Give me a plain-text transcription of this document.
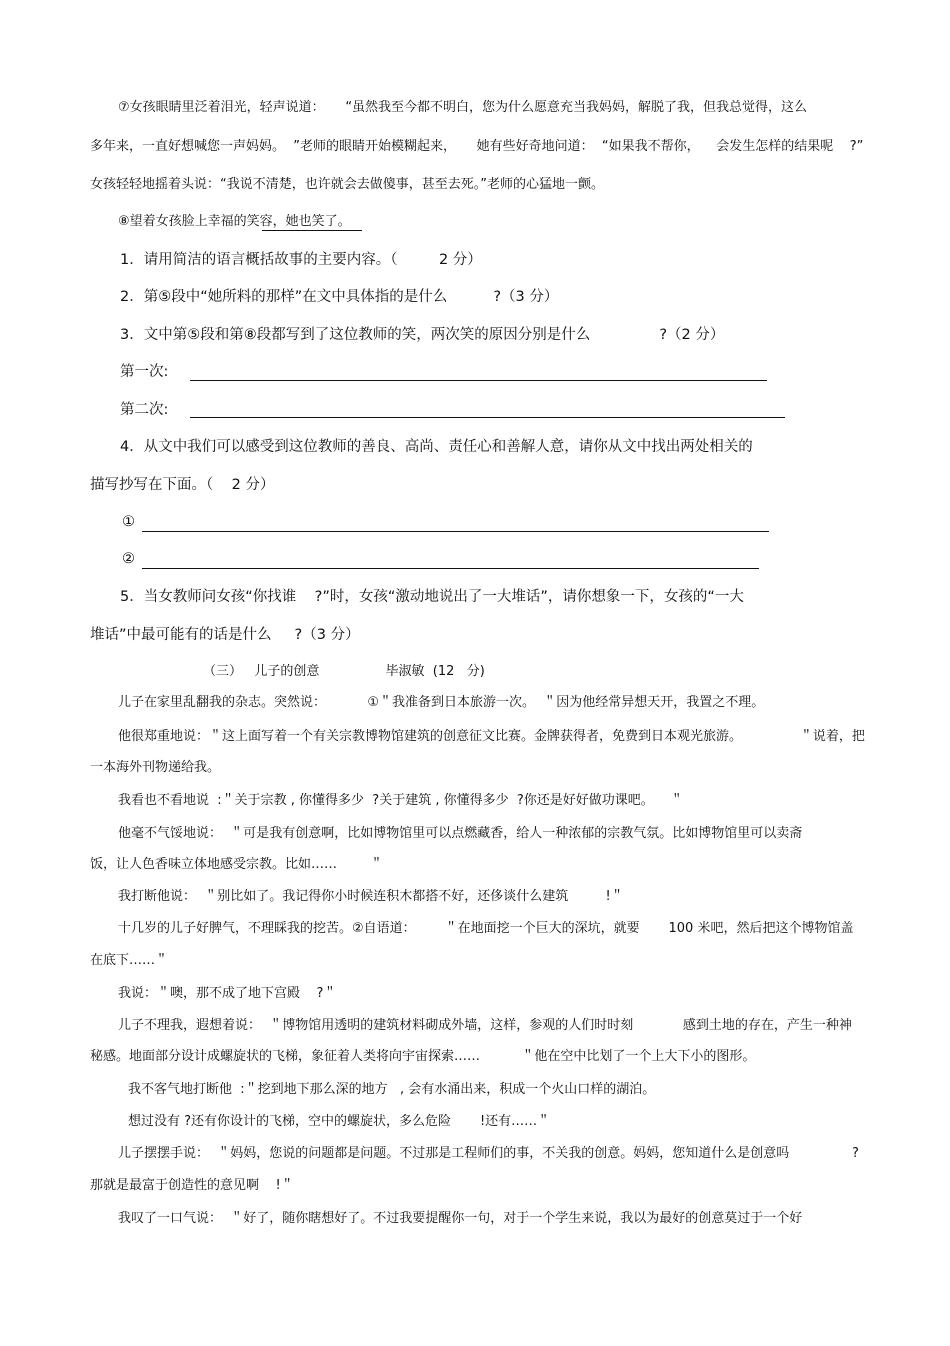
⑦女孩眼睛里泛着泪光，轻声说道：     “虽然我至今都不明白，您为什么愿意充当我妈妈，解脱了我，但我总觉得，这么
多年来，一直好想喊您一声妈妈。  ”老师的眼睛开始模糊起来，     她有些好奇地问道：  “如果我不帮你，    会发生怎样的结果呢    ?”
女孩轻轻地摇着头说：“我说不清楚，也许就会去做傻事，甚至去死。”老师的心猛地一颤。
⑧望着女孩脸上幸福的笑容，她也笑了。
1．请用简洁的语言概括故事的主要内容。（         2 分）
2．第⑤段中“她所料的那样”在文中具体指的是什么          ?（3 分）
3．文中第⑤段和第⑧段都写到了这位教师的笑，两次笑的原因分别是什么               ?（2 分）
第一次:
第二次:
4．从文中我们可以感受到这位教师的善良、高尚、责任心和善解人意，请你从文中找出两处相关的
描写抄写在下面。（    2 分）
①
②
5．当女教师问女孩“你找谁    ?”时，女孩“激动地说出了一大堆话”，请你想象一下，女孩的“一大
堆话”中最可能有的话是什么     ?（3 分）
（三）   儿子的创意                毕淑敏  (12   分)
儿子在家里乱翻我的杂志。突然说：          ①＂我准备到日本旅游一次。  ＂因为他经常异想天开，我置之不理。
他很郑重地说：＂这上面写着一个有关宗教博物馆建筑的创意征文比赛。金牌获得者，免费到日本观光旅游。              ＂说着，把
一本海外刊物递给我。
我看也不看地说  :＂关于宗教 , 你懂得多少  ?关于建筑 , 你懂得多少  ?你还是好好做功课吧。    ＂
他毫不气馁地说：  ＂可是我有创意啊，比如博物馆里可以点燃藏香，给人一种浓郁的宗教气氛。比如博物馆里可以卖斋
饭，让人色香味立体地感受宗教。比如……        ＂
我打断他说：  ＂别比如了。我记得你小时候连积木都搭不好，还侈谈什么建筑         !＂
十几岁的儿子好脾气，不理睬我的挖苦。②自语道：       ＂在地面挖一个巨大的深坑，就要       100 米吧，然后把这个博物馆盖
在底下……＂
我说：＂噢，那不成了地下宫殿    ?＂
儿子不理我，遐想着说：  ＂博物馆用透明的建筑材料砌成外墙，这样，参观的人们时时刻            感到土地的存在，产生一种神
秘感。地面部分设计成螺旋状的飞梯，象征着人类将向宇宙探索……          ＂他在空中比划了一个上大下小的图形。
我不客气地打断他  :＂挖到地下那么深的地方   , 会有水涌出来，积成一个火山口样的湖泊。
想过没有 ?还有你设计的飞梯，空中的螺旋状，多么危险       !还有……＂
儿子摆摆手说：  ＂妈妈，您说的问题都是问题。不过那是工程师们的事，不关我的创意。妈妈，您知道什么是创意吗	?
那就是最富于创造性的意见啊    !＂
我叹了一口气说：  ＂好了，随你瞎想好了。不过我要提醒你一句，对于一个学生来说，我以为最好的创意莫过于一个好
